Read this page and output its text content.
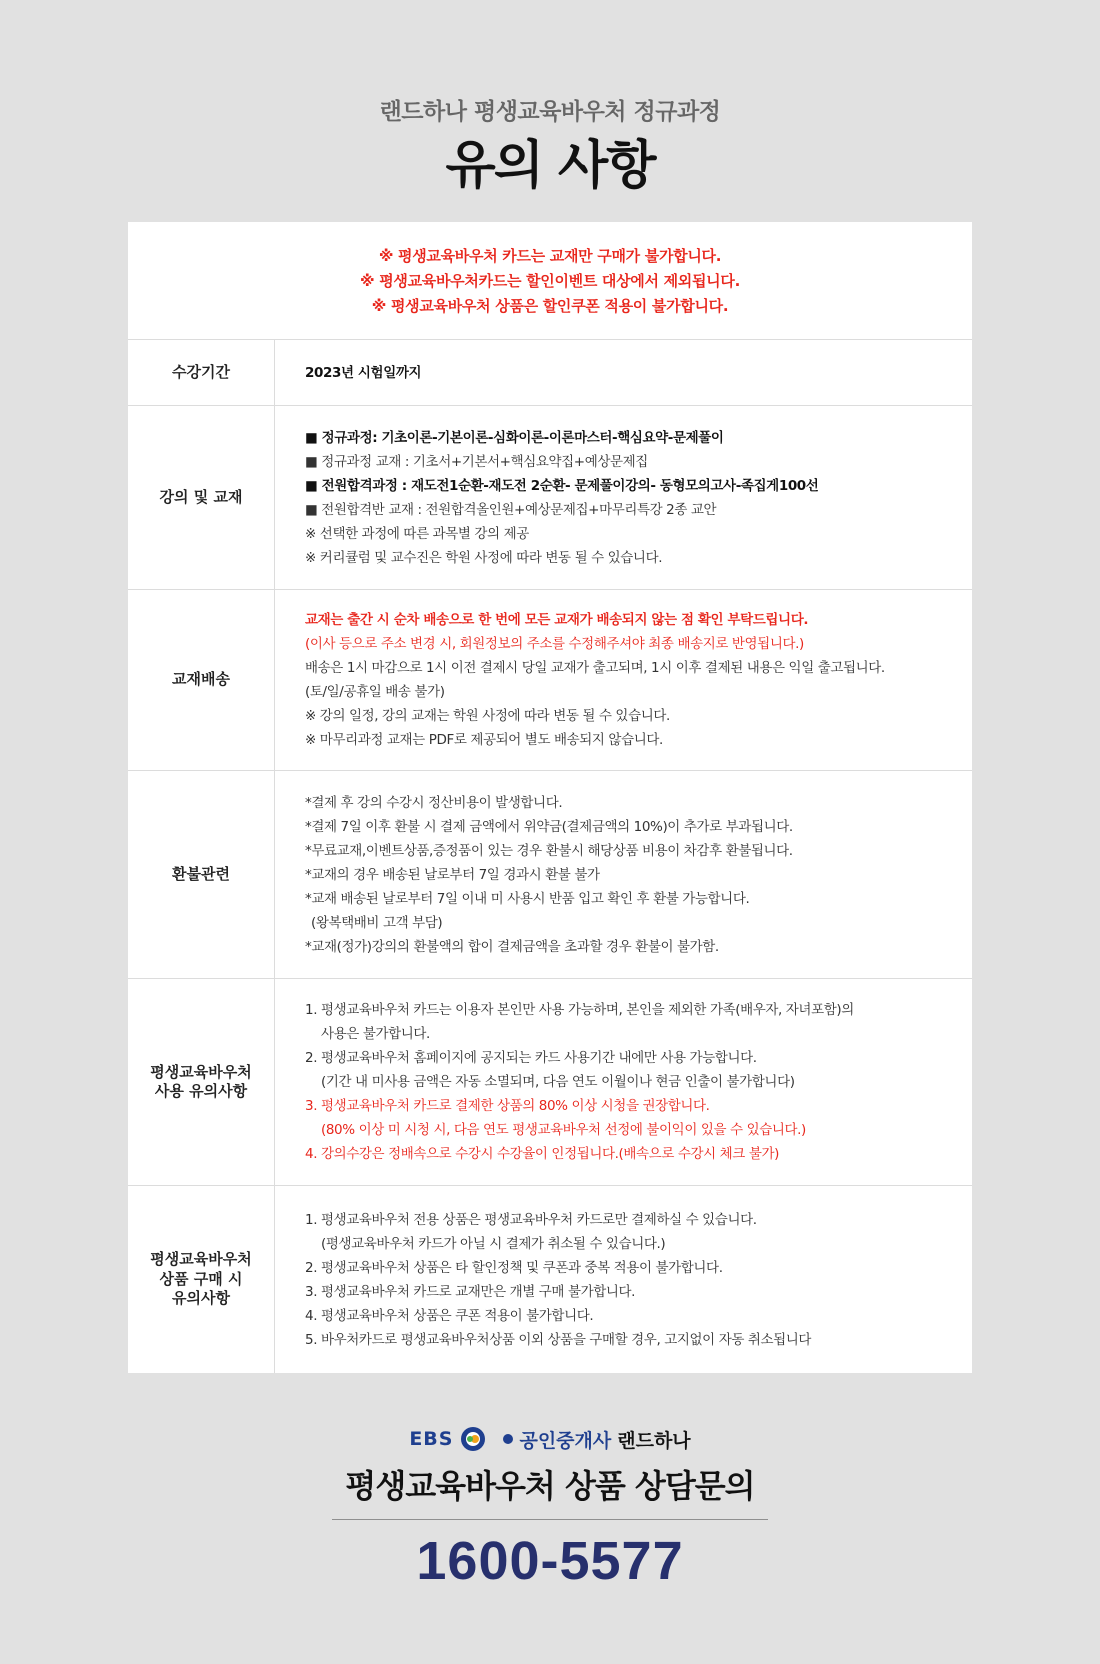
랜드하나 평생교육바우처 정규과정
유의 사항
※ 평생교육바우처 카드는 교재만 구매가 불가합니다.
※ 평생교육바우처카드는 할인이벤트 대상에서 제외됩니다.
※ 평생교육바우처 상품은 할인쿠폰 적용이 불가합니다.
수강기간	2023년 시험일까지
강의 및 교재
■ 정규과정: 기초이론-기본이론-심화이론-이론마스터-핵심요약-문제풀이
■ 정규과정 교재 : 기초서+기본서+핵심요약집+예상문제집
■ 전원합격과정 : 재도전1순환-재도전 2순환- 문제풀이강의- 동형모의고사-족집게100선
■ 전원합격반 교재 : 전원합격올인원+예상문제집+마무리특강 2종 교안
※ 선택한 과정에 따른 과목별 강의 제공
※ 커리큘럼 및 교수진은 학원 사정에 따라 변동 될 수 있습니다.
교재배송
교재는 출간 시 순차 배송으로 한 번에 모든 교재가 배송되지 않는 점 확인 부탁드립니다.
(이사 등으로 주소 변경 시, 회원정보의 주소를 수정해주셔야 최종 배송지로 반영됩니다.)
배송은 1시 마감으로 1시 이전 결제시 당일 교재가 출고되며, 1시 이후 결제된 내용은 익일 출고됩니다.
(토/일/공휴일 배송 불가)
※ 강의 일정, 강의 교재는 학원 사정에 따라 변동 될 수 있습니다.
※ 마무리과정 교재는 PDF로 제공되어 별도 배송되지 않습니다.
환불관련
*결제 후 강의 수강시 정산비용이 발생합니다.
*결제 7일 이후 환불 시 결제 금액에서 위약금(결제금액의 10%)이 추가로 부과됩니다.
*무료교재,이벤트상품,증정품이 있는 경우 환불시 해당상품 비용이 차감후 환불됩니다.
*교재의 경우 배송된 날로부터 7일 경과시 환불 불가
*교재 배송된 날로부터 7일 이내 미 사용시 반품 입고 확인 후 환불 가능합니다.
(왕복택배비 고객 부담)
*교재(정가)강의의 환불액의 합이 결제금액을 초과할 경우 환불이 불가함.
평생교육바우처
사용 유의사항
1. 평생교육바우처 카드는 이용자 본인만 사용 가능하며, 본인을 제외한 가족(배우자, 자녀포함)의
사용은 불가합니다.
2. 평생교육바우처 홈페이지에 공지되는 카드 사용기간 내에만 사용 가능합니다.
(기간 내 미사용 금액은 자동 소멸되며, 다음 연도 이월이나 현금 인출이 불가합니다)
3. 평생교육바우처 카드로 결제한 상품의 80% 이상 시청을 권장합니다.
(80% 이상 미 시청 시, 다음 연도 평생교육바우처 선정에 불이익이 있을 수 있습니다.)
4. 강의수강은 정배속으로 수강시 수강율이 인정됩니다.(배속으로 수강시 체크 불가)
평생교육바우처
상품 구매 시
유의사항
1. 평생교육바우처 전용 상품은 평생교육바우처 카드로만 결제하실 수 있습니다.
(평생교육바우처 카드가 아닐 시 결제가 취소될 수 있습니다.)
2. 평생교육바우처 상품은 타 할인정책 및 쿠폰과 중복 적용이 불가합니다.
3. 평생교육바우처 카드로 교재만은 개별 구매 불가합니다.
4. 평생교육바우처 상품은 쿠폰 적용이 불가합니다.
5. 바우처카드로 평생교육바우처상품 이외 상품을 구매할 경우, 고지없이 자동 취소됩니다
EBS	공인중개사 랜드하나
평생교육바우처 상품 상담문의
1600-5577
